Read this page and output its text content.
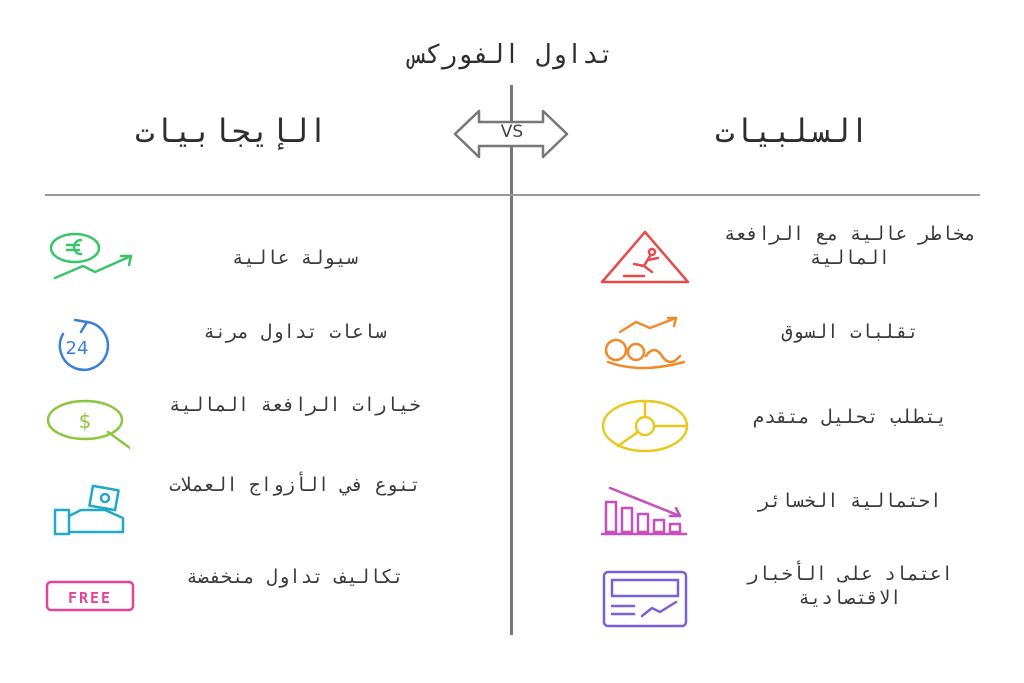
تداول الفوركس
VS
الإيجابيات	السلبيات
سيولة عالية
24
ساعات تداول مرنة
$
خيارات الرافعة المالية
تنوع في الأزواج العملات
FREE
تكاليف تداول منخفضة
مخاطر عالية مع الرافعة المالية
تقلبات السوق
يتطلب تحليل متقدم
احتمالية الخسائر
اعتماد على الأخبار الاقتصادية
